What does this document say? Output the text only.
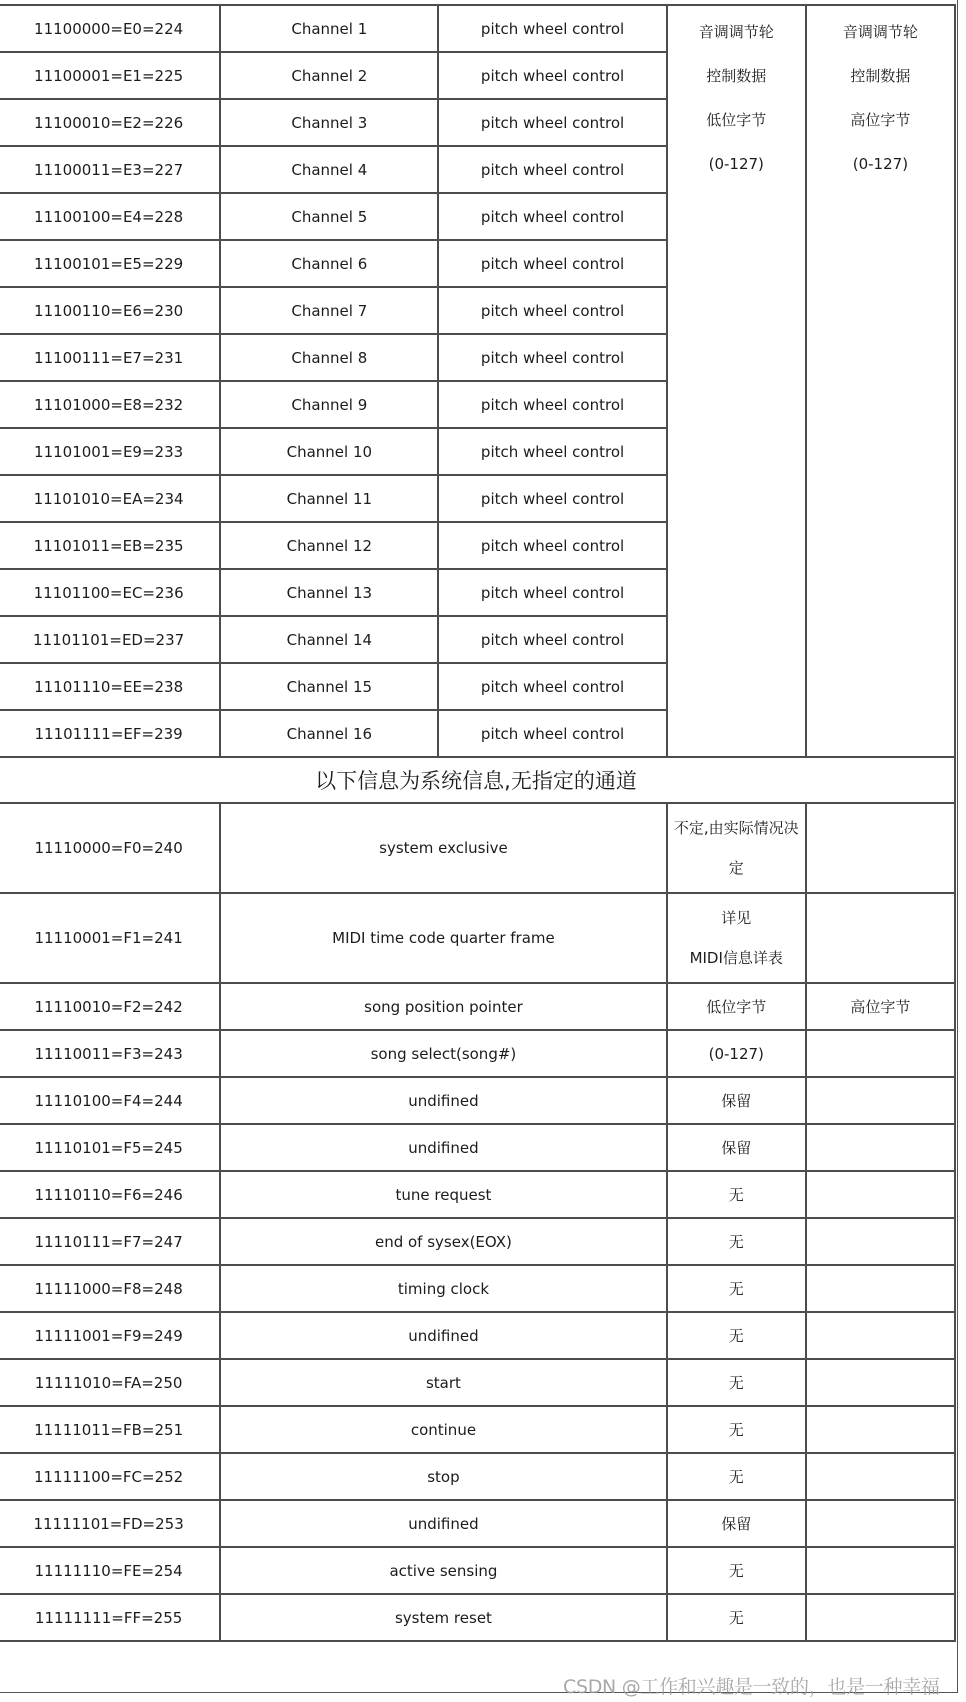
11100000=E0=224	Channel 1	pitch wheel control	音调调节轮
控制数据
低位字节
(0-127)	音调调节轮
控制数据
高位字节
(0-127)

11100001=E1=225	Channel 2	pitch wheel control		
11100010=E2=226	Channel 3	pitch wheel control		
11100011=E3=227	Channel 4	pitch wheel control		
11100100=E4=228	Channel 5	pitch wheel control		
11100101=E5=229	Channel 6	pitch wheel control		
11100110=E6=230	Channel 7	pitch wheel control		
11100111=E7=231	Channel 8	pitch wheel control		
11101000=E8=232	Channel 9	pitch wheel control		
11101001=E9=233	Channel 10	pitch wheel control		
11101010=EA=234	Channel 11	pitch wheel control		
11101011=EB=235	Channel 12	pitch wheel control		
11101100=EC=236	Channel 13	pitch wheel control		
11101101=ED=237	Channel 14	pitch wheel control		
11101110=EE=238	Channel 15	pitch wheel control		
11101111=EF=239	Channel 16	pitch wheel control		
以下信息为系统信息,无指定的通道				
11110000=F0=240	system exclusive		不定,由实际情况决
定	

11110001=F1=241	MIDI time code quarter frame		详见
MIDI信息详表	

11110010=F2=242	song position pointer		低位字节	高位字节
11110011=F3=243	song select(song#)		(0-127)	
11110100=F4=244	undifined		保留	
11110101=F5=245	undifined		保留	
11110110=F6=246	tune request		无	
11110111=F7=247	end of sysex(EOX)		无	
11111000=F8=248	timing clock		无	
11111001=F9=249	undifined		无	
11111010=FA=250	start		无	
11111011=FB=251	continue		无	
11111100=FC=252	stop		无	
11111101=FD=253	undifined		保留	
11111110=FE=254	active sensing		无	
11111111=FF=255	system reset		无	
CSDN @工作和兴趣是一致的，也是一种幸福
